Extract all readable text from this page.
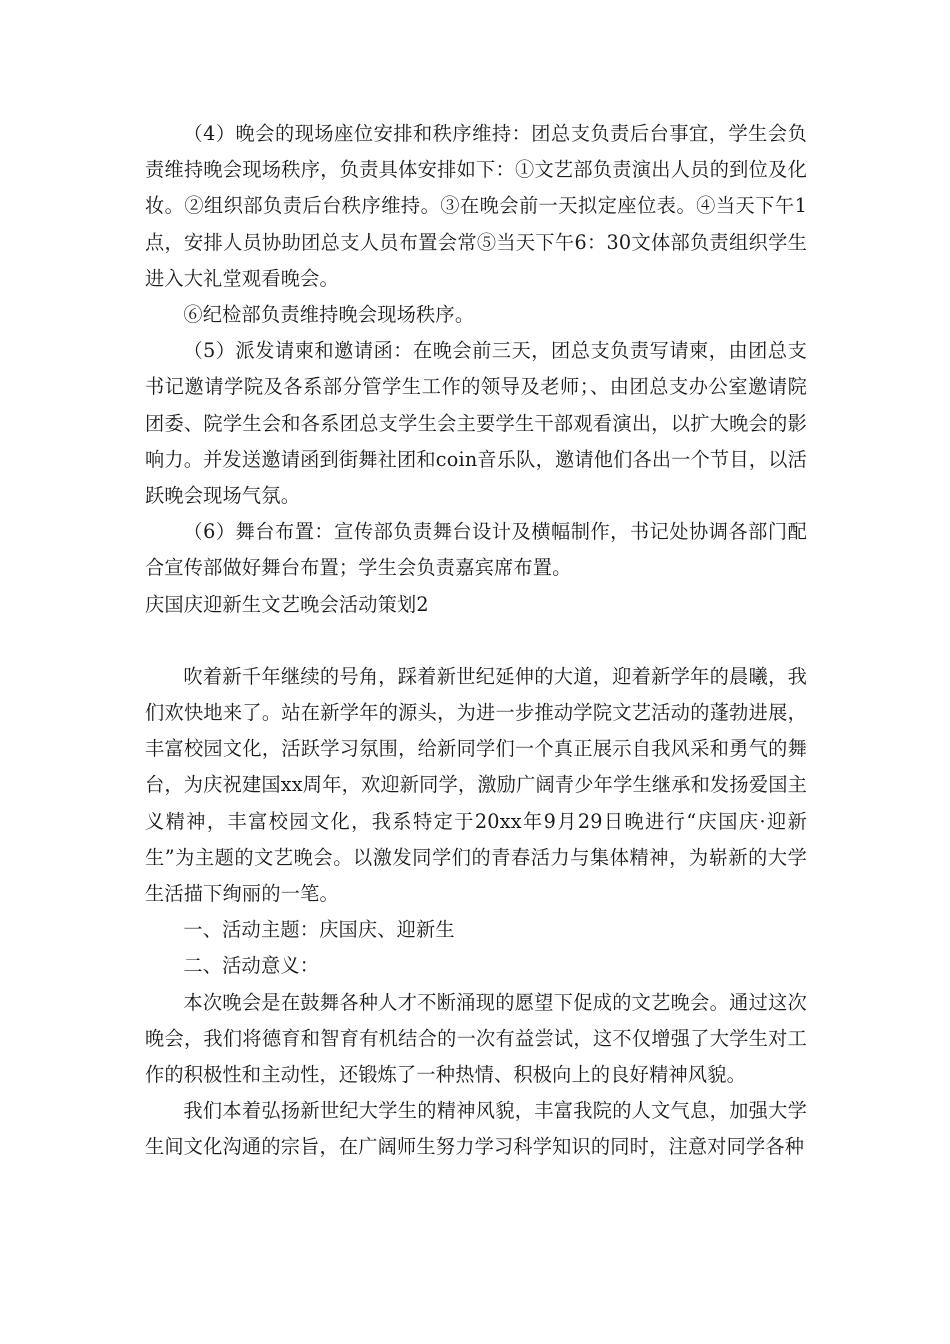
（4）晚会的现场座位安排和秩序维持：团总支负责后台事宜，学生会负责维持晚会现场秩序，负责具体安排如下：①文艺部负责演出人员的到位及化妆。②组织部负责后台秩序维持。③在晚会前一天拟定座位表。④当天下午1点，安排人员协助团总支人员布置会常⑤当天下午6：30文体部负责组织学生进入大礼堂观看晚会。

⑥纪检部负责维持晚会现场秩序。

（5）派发请柬和邀请函：在晚会前三天，团总支负责写请柬，由团总支书记邀请学院及各系部分管学生工作的领导及老师；、由团总支办公室邀请院团委、院学生会和各系团总支学生会主要学生干部观看演出，以扩大晚会的影响力。并发送邀请函到街舞社团和coin音乐队，邀请他们各出一个节目，以活跃晚会现场气氛。

（6）舞台布置：宣传部负责舞台设计及横幅制作，书记处协调各部门配合宣传部做好舞台布置；学生会负责嘉宾席布置。

庆国庆迎新生文艺晚会活动策划2

吹着新千年继续的号角，踩着新世纪延伸的大道，迎着新学年的晨曦，我们欢快地来了。站在新学年的源头，为进一步推动学院文艺活动的蓬勃进展，丰富校园文化，活跃学习氛围，给新同学们一个真正展示自我风采和勇气的舞台，为庆祝建国xx周年，欢迎新同学，激励广阔青少年学生继承和发扬爱国主义精神，丰富校园文化，我系特定于20xx年9月29日晚进行“庆国庆·迎新生”为主题的文艺晚会。以激发同学们的青春活力与集体精神，为崭新的大学生活描下绚丽的一笔。

一、活动主题：庆国庆、迎新生

二、活动意义：

本次晚会是在鼓舞各种人才不断涌现的愿望下促成的文艺晚会。通过这次晚会，我们将德育和智育有机结合的一次有益尝试，这不仅增强了大学生对工作的积极性和主动性，还锻炼了一种热情、积极向上的良好精神风貌。

我们本着弘扬新世纪大学生的精神风貌，丰富我院的人文气息，加强大学生间文化沟通的宗旨，在广阔师生努力学习科学知识的同时，注意对同学各种
